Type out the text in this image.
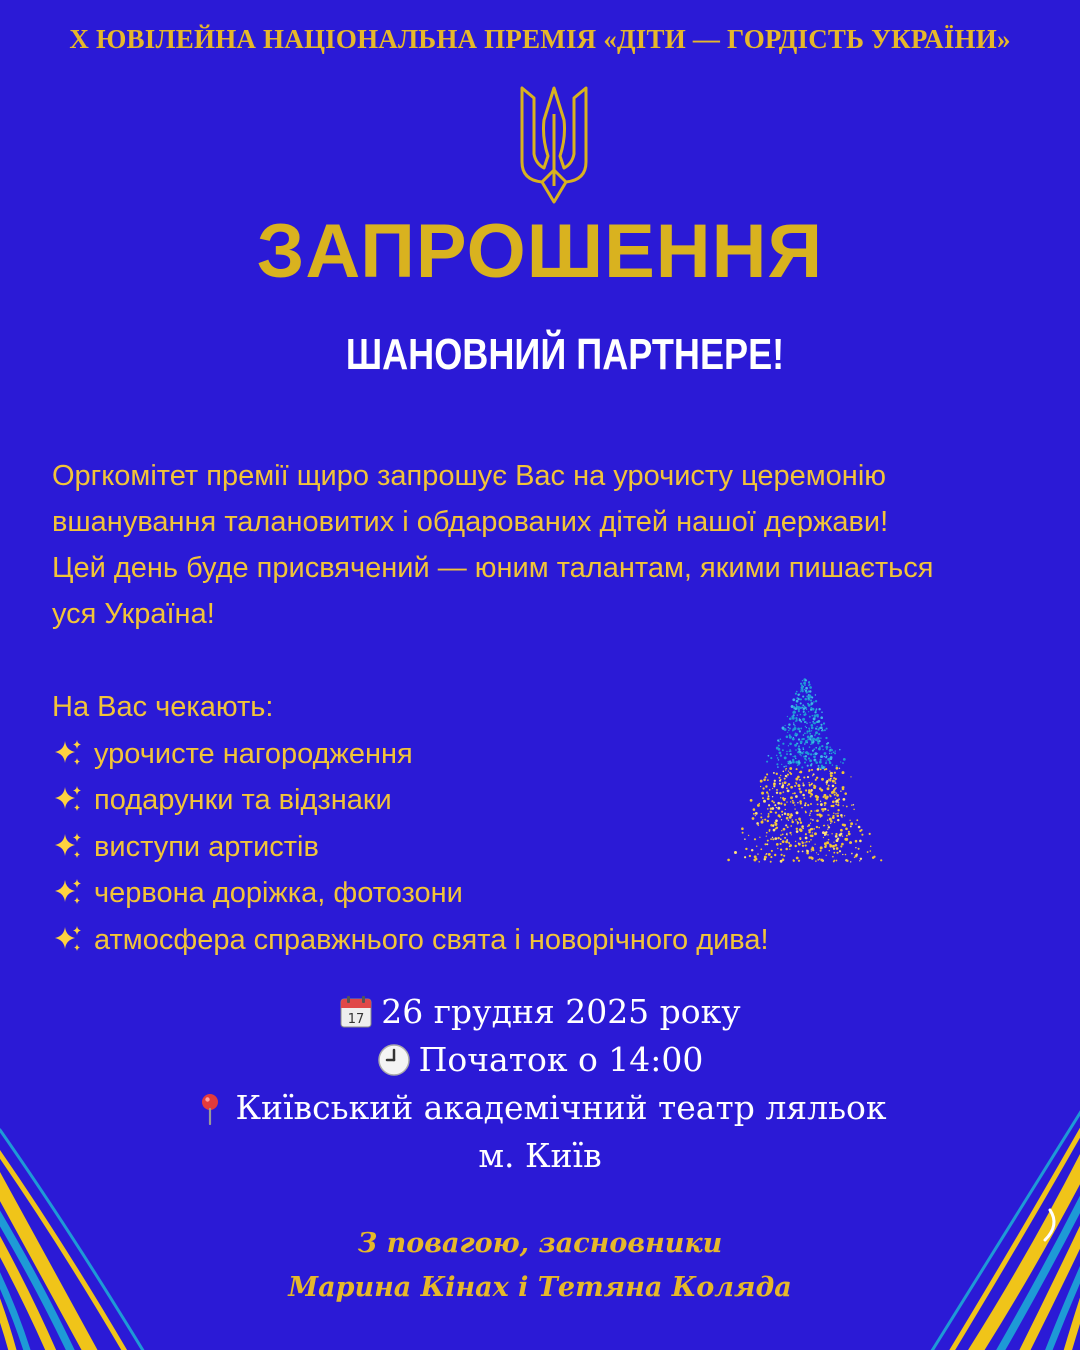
X ЮВІЛЕЙНА НАЦІОНАЛЬНА ПРЕМІЯ «ДІТИ — ГОРДІСТЬ УКРАЇНИ»
ЗАПРОШЕННЯ
ШАНОВНИЙ ПАРТНЕРЕ!

Оргкомітет премії щиро запрошує Вас на урочисту церемонію

вшанування талановитих і обдарованих дітей нашої держави!

Цей день буде присвячений — юним талантам, якими пишається

уся Україна!

На Вас чекають:
урочисте нагородження
подарунки та відзнаки
виступи артистів
червона доріжка, фотозони
атмосфера справжнього свята і новорічного дива!
17 26 грудня 2025 року
Початок о 14:00
Київський академічний театр ляльок
м. Київ
З повагою, засновники
Марина Кінах і Тетяна Коляда
